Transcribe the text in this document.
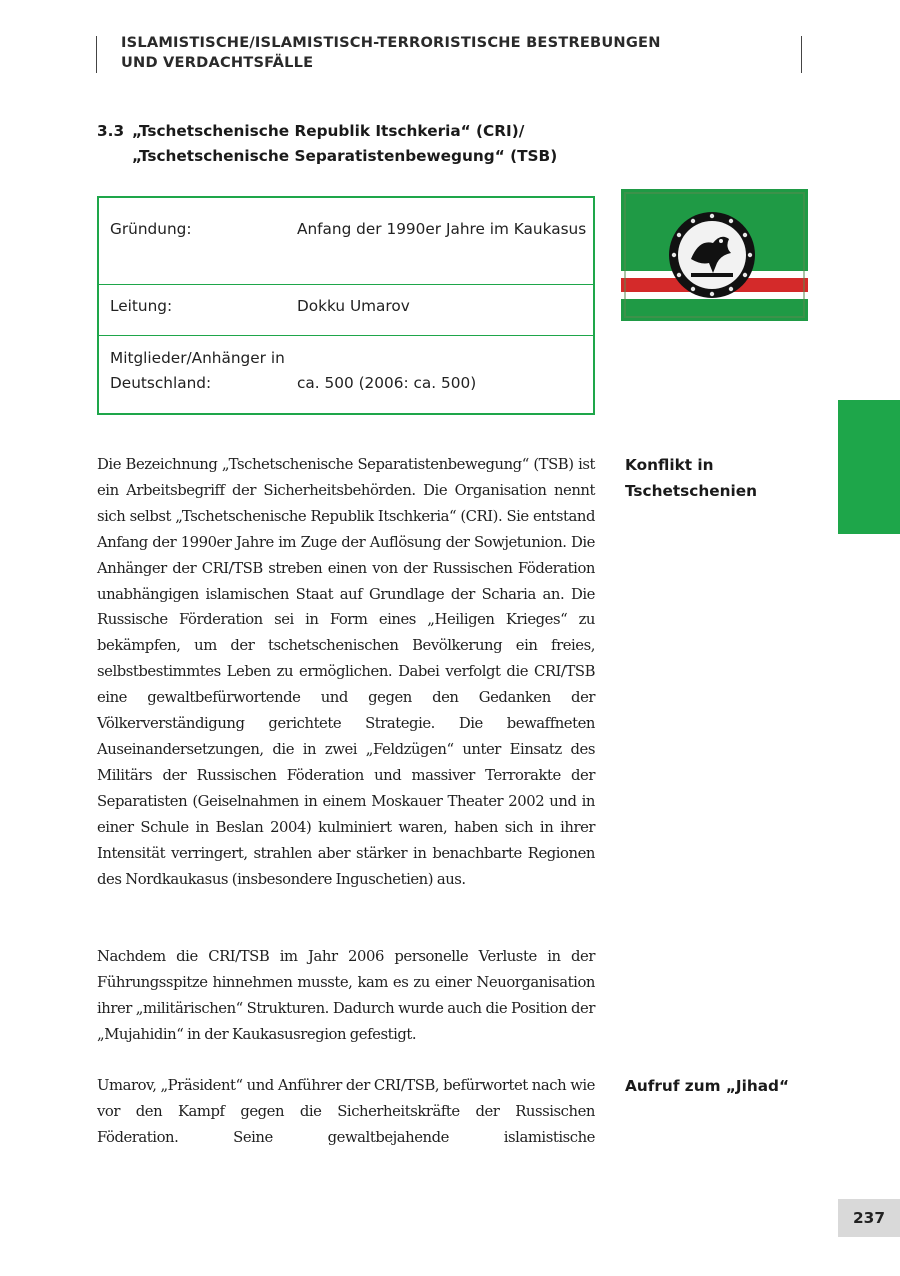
ISLAMISTISCHE/ISLAMISTISCH-TERRORISTISCHE BESTREBUNGEN
UND VERDACHTSFÄLLE
3.3 „Tschetschenische Republik Itschkeria“ (CRI)/
„Tschetschenische Separatistenbewegung“ (TSB)
Gründung:	Anfang der 1990er Jahre im Kaukasus
Leitung:	Dokku Umarov
Mitglieder/Anhänger in Deutschland:	ca. 500 (2006: ca. 500)

Die Bezeichnung „Tschetschenische Separatistenbewegung“ (TSB) ist ein Arbeitsbegriff der Sicherheitsbehörden. Die Organisation nennt sich selbst „Tschetschenische Republik Itschkeria“ (CRI). Sie entstand Anfang der 1990er Jahre im Zuge der Auflösung der Sowjetunion. Die Anhänger der CRI/TSB streben einen von der Russischen Föderation unabhängigen islamischen Staat auf Grundlage der Scharia an. Die Russische Förderation sei in Form eines „Heiligen Krieges“ zu bekämpfen, um der tschetschenischen Bevölkerung ein freies, selbstbestimmtes Leben zu ermöglichen. Dabei verfolgt die CRI/TSB eine gewaltbefürwortende und gegen den Gedanken der Völkerverständigung gerichtete Strategie. Die bewaffneten Auseinandersetzungen, die in zwei „Feldzügen“ unter Einsatz des Militärs der Russischen Föderation und massiver Terrorakte der Separatisten (Geiselnahmen in einem Moskauer Theater 2002 und in einer Schule in Beslan 2004) kulminiert waren, haben sich in ihrer Intensität verringert, strahlen aber stärker in benachbarte Regionen des Nordkaukasus (insbesondere Inguschetien) aus.

Nachdem die CRI/TSB im Jahr 2006 personelle Verluste in der Führungsspitze hinnehmen musste, kam es zu einer Neuorganisation ihrer „militärischen“ Strukturen. Dadurch wurde auch die Position der „Mujahidin“ in der Kaukasusregion gefestigt.

Umarov, „Präsident“ und Anführer der CRI/TSB, befürwortet nach wie vor den Kampf gegen die Sicherheitskräfte der Russischen Föderation. Seine gewaltbejahende islamistische

Konflikt in
Tschetschenien
Aufruf zum „Jihad“
237
